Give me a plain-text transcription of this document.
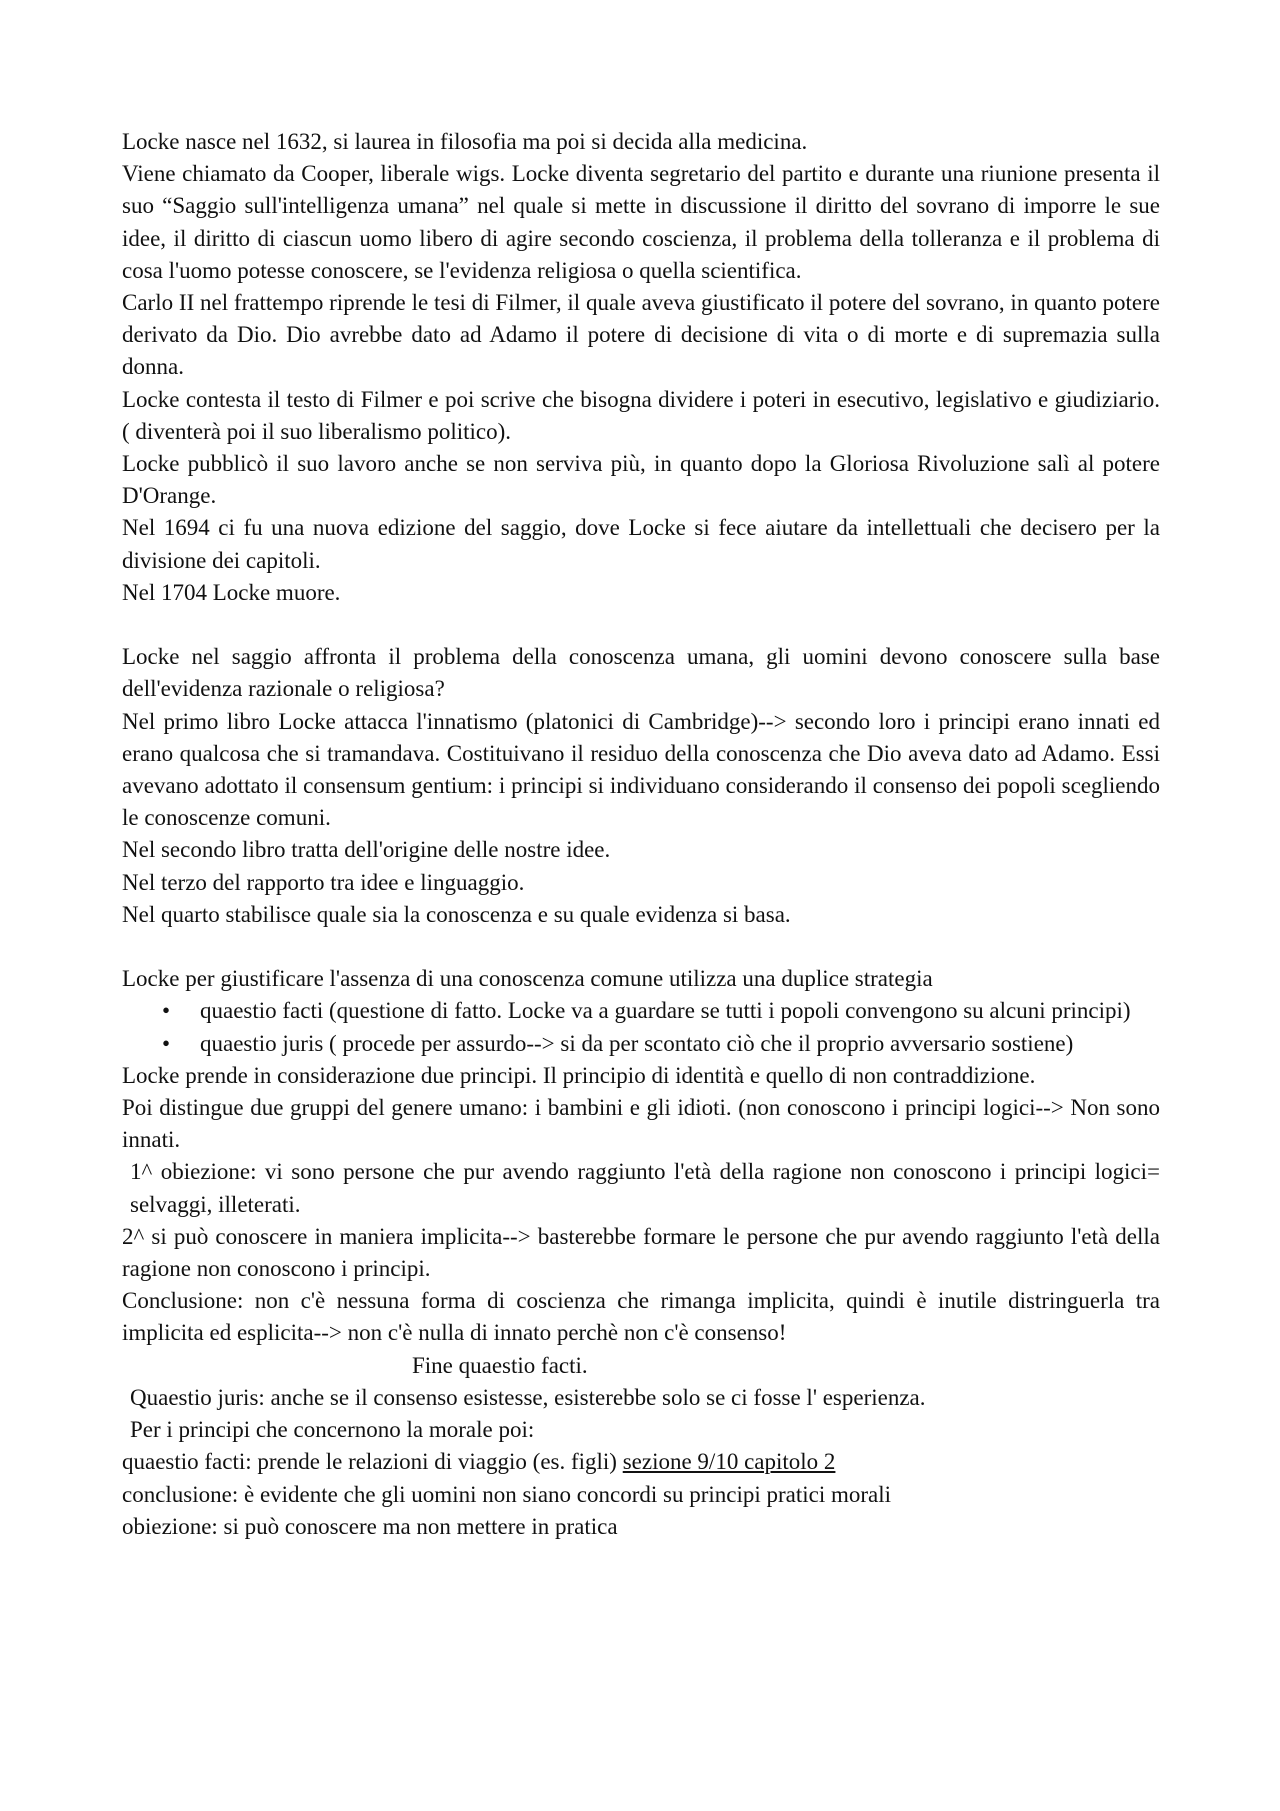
Locke nasce nel 1632, si laurea in filosofia ma poi si decida alla medicina.

Viene chiamato da Cooper, liberale wigs. Locke diventa segretario del partito e durante una riunione presenta il suo “Saggio sull'intelligenza umana” nel quale si mette in discussione il diritto del sovrano di imporre le sue idee, il diritto di ciascun uomo libero di agire secondo coscienza, il problema della tolleranza e il problema di cosa l'uomo potesse conoscere, se l'evidenza religiosa o quella scientifica.

Carlo II nel frattempo riprende le tesi di Filmer, il quale aveva giustificato il potere del sovrano, in quanto potere derivato da Dio. Dio avrebbe dato ad Adamo il potere di decisione di vita o di morte e di supremazia sulla donna.

Locke contesta il testo di Filmer e poi scrive che bisogna dividere i poteri in esecutivo, legislativo e giudiziario. ( diventerà poi il suo liberalismo politico).

Locke pubblicò il suo lavoro anche se non serviva più, in quanto dopo la Gloriosa Rivoluzione salì al potere D'Orange.

Nel 1694 ci fu una nuova edizione del saggio, dove Locke si fece aiutare da intellettuali che decisero per la divisione dei capitoli.

Nel 1704 Locke muore.

Locke nel saggio affronta il problema della conoscenza umana, gli uomini devono conoscere sulla base dell'evidenza razionale o religiosa?

Nel primo libro Locke attacca l'innatismo (platonici di Cambridge)--> secondo loro i principi erano innati ed erano qualcosa che si tramandava. Costituivano il residuo della conoscenza che Dio aveva dato ad Adamo. Essi avevano adottato il consensum gentium: i principi si individuano considerando il consenso dei popoli scegliendo le conoscenze comuni.

Nel secondo libro tratta dell'origine delle nostre idee.

Nel terzo del rapporto tra idee e linguaggio.

Nel quarto stabilisce quale sia la conoscenza e su quale evidenza si basa.

Locke per giustificare l'assenza di una conoscenza comune utilizza una duplice strategia

• quaestio facti (questione di fatto. Locke va a guardare se tutti i popoli convengono su alcuni principi)
• quaestio juris ( procede per assurdo--> si da per scontato ciò che il proprio avversario sostiene)

Locke prende in considerazione due principi. Il principio di identità e quello di non contraddizione.

Poi distingue due gruppi del genere umano: i bambini e gli idioti. (non conoscono i principi logici--> Non sono innati.

1^ obiezione: vi sono persone che pur avendo raggiunto l'età della ragione non conoscono i principi logici= selvaggi, illeterati.

2^ si può conoscere in maniera implicita--> basterebbe formare le persone che pur avendo raggiunto l'età della ragione non conoscono i principi.

Conclusione: non c'è nessuna forma di coscienza che rimanga implicita, quindi è inutile distringuerla tra implicita ed esplicita--> non c'è nulla di innato perchè non c'è consenso!

Fine quaestio facti.

Quaestio juris: anche se il consenso esistesse, esisterebbe solo se ci fosse l' esperienza.

Per i principi che concernono la morale poi:

quaestio facti: prende le relazioni di viaggio (es. figli) sezione 9/10 capitolo 2

conclusione: è evidente che gli uomini non siano concordi su principi pratici morali

obiezione: si può conoscere ma non mettere in pratica
